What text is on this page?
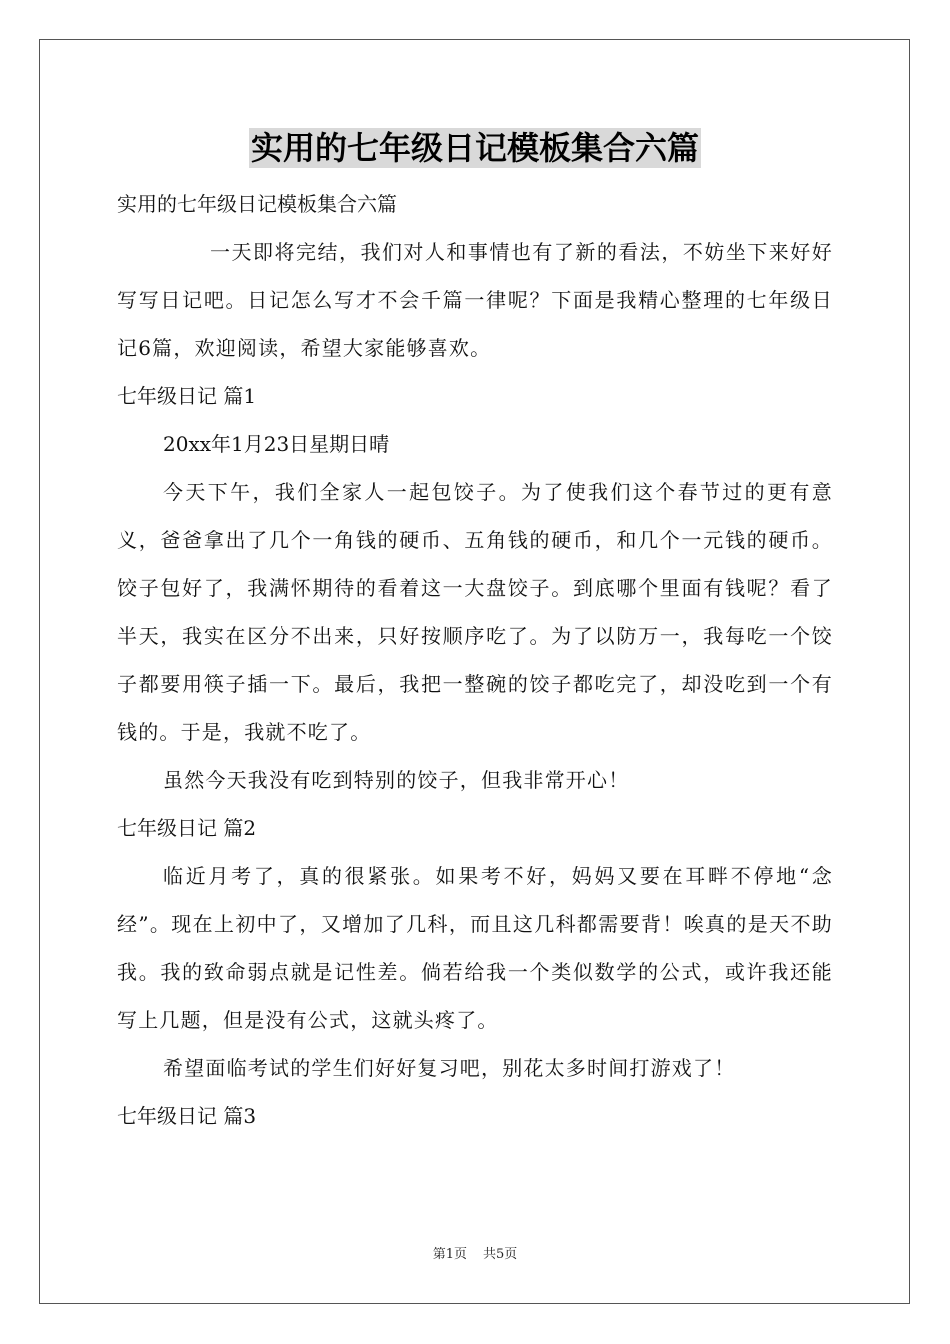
实用的七年级日记模板集合六篇

实用的七年级日记模板集合六篇

一天即将完结，我们对人和事情也有了新的看法，不妨坐下来好好写写日记吧。日记怎么写才不会千篇一律呢？下面是我精心整理的七年级日记6篇，欢迎阅读，希望大家能够喜欢。

七年级日记 篇1

20xx年1月23日星期日晴

今天下午，我们全家人一起包饺子。为了使我们这个春节过的更有意义，爸爸拿出了几个一角钱的硬币、五角钱的硬币，和几个一元钱的硬币。饺子包好了，我满怀期待的看着这一大盘饺子。到底哪个里面有钱呢？看了半天，我实在区分不出来，只好按顺序吃了。为了以防万一，我每吃一个饺子都要用筷子插一下。最后，我把一整碗的饺子都吃完了，却没吃到一个有钱的。于是，我就不吃了。

虽然今天我没有吃到特别的饺子，但我非常开心！

七年级日记 篇2

临近月考了，真的很紧张。如果考不好，妈妈又要在耳畔不停地“念经”。现在上初中了，又增加了几科，而且这几科都需要背！唉真的是天不助我。我的致命弱点就是记性差。倘若给我一个类似数学的公式，或许我还能写上几题，但是没有公式，这就头疼了。

希望面临考试的学生们好好复习吧，别花太多时间打游戏了！

七年级日记 篇3

第1页 共5页
